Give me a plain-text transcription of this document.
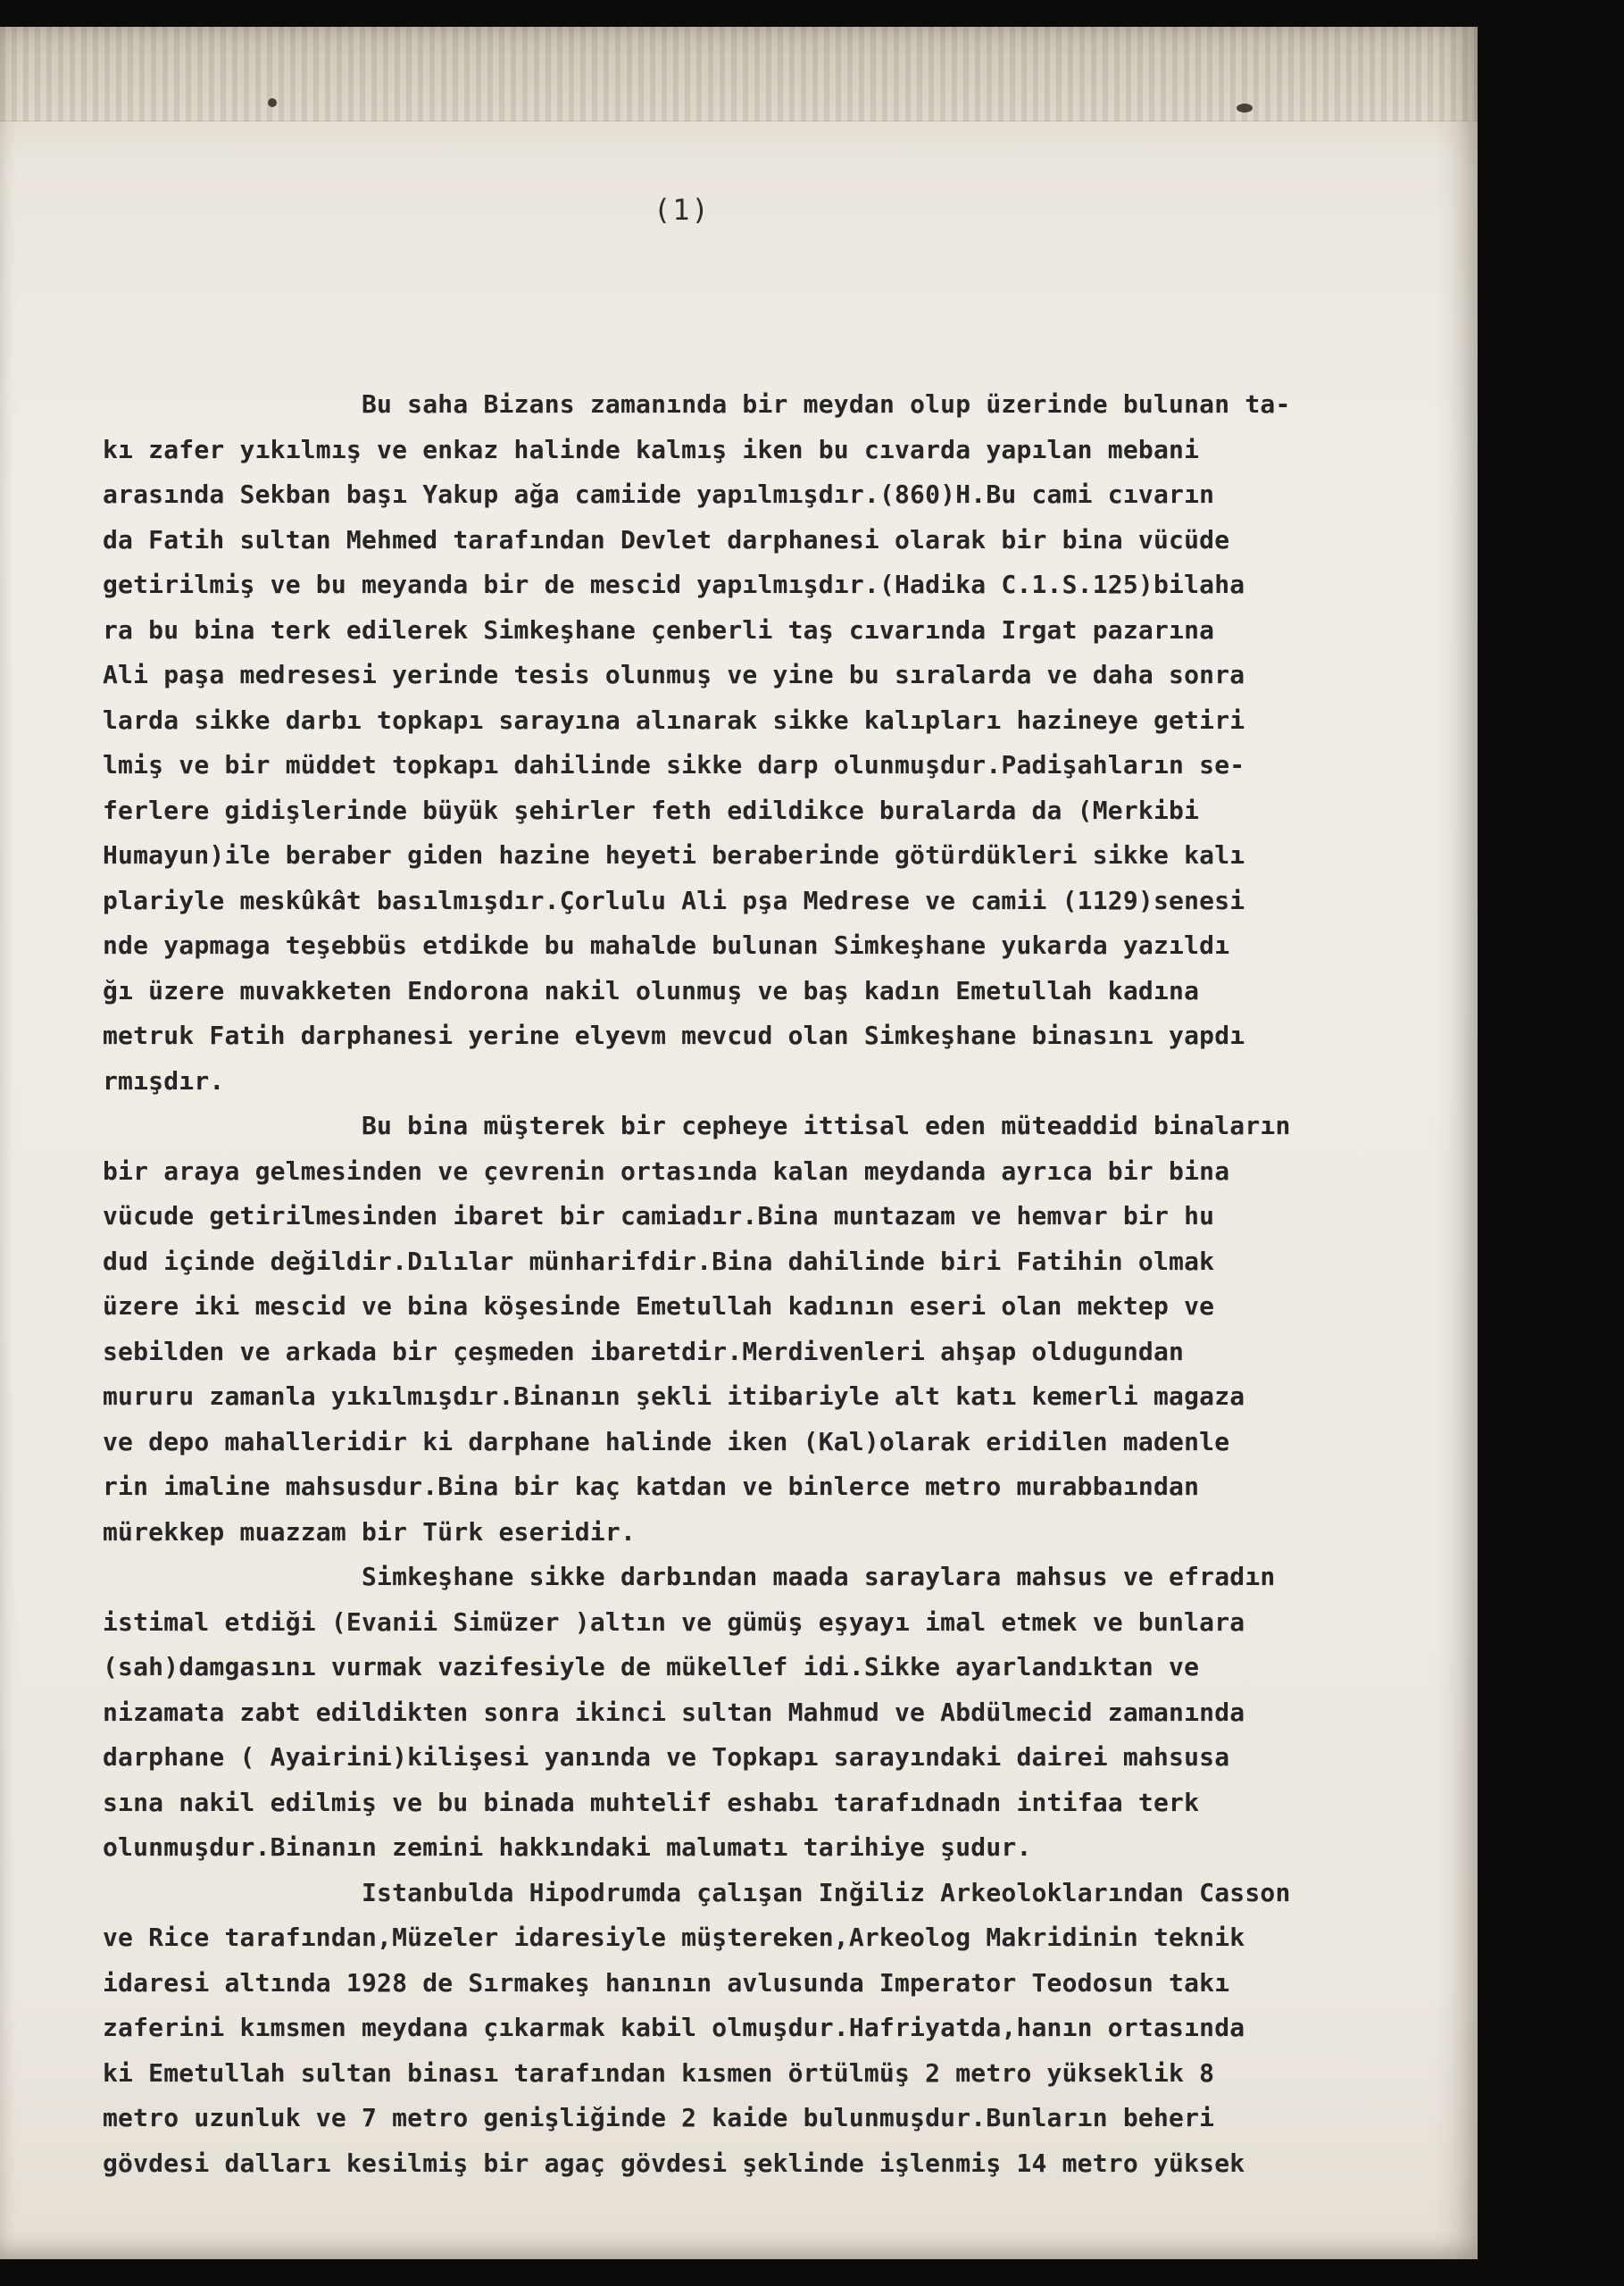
(1)

Bu saha Bizans zamanında bir meydan olup üzerinde bulunan ta-
kı zafer yıkılmış ve enkaz halinde kalmış iken bu cıvarda yapılan mebani
arasında Sekban başı Yakup ağa camiide yapılmışdır.(860)H.Bu cami cıvarın
da Fatih sultan Mehmed tarafından Devlet darphanesi olarak bir bina vücüde
getirilmiş ve bu meyanda bir de mescid yapılmışdır.(Hadika C.1.S.125)bilaha
ra bu bina terk edilerek Simkeşhane çenberli taş cıvarında Irgat pazarına
Ali paşa medresesi yerinde tesis olunmuş ve yine bu sıralarda ve daha sonra
larda sikke darbı topkapı sarayına alınarak sikke kalıpları hazineye getiri
lmiş ve bir müddet topkapı dahilinde sikke darp olunmuşdur.Padişahların se-
ferlere gidişlerinde büyük şehirler feth edildikce buralarda da (Merkibi
Humayun)ile beraber giden hazine heyeti beraberinde götürdükleri sikke kalı
plariyle meskûkât basılmışdır.Çorlulu Ali pşa Medrese ve camii (1129)senesi
nde yapmaga teşebbüs etdikde bu mahalde bulunan Simkeşhane yukarda yazıldı
ğı üzere muvakketen Endorona nakil olunmuş ve baş kadın Emetullah kadına
metruk Fatih darphanesi yerine elyevm mevcud olan Simkeşhane binasını yapdı
rmışdır.

Bu bina müşterek bir cepheye ittisal eden müteaddid binaların
bir araya gelmesinden ve çevrenin ortasında kalan meydanda ayrıca bir bina
vücude getirilmesinden ibaret bir camiadır.Bina muntazam ve hemvar bir hu
dud içinde değildir.Dılılar münharifdir.Bina dahilinde biri Fatihin olmak
üzere iki mescid ve bina köşesinde Emetullah kadının eseri olan mektep ve
sebilden ve arkada bir çeşmeden ibaretdir.Merdivenleri ahşap oldugundan
mururu zamanla yıkılmışdır.Binanın şekli itibariyle alt katı kemerli magaza
ve depo mahalleridir ki darphane halinde iken (Kal)olarak eridilen madenle
rin imaline mahsusdur.Bina bir kaç katdan ve binlerce metro murabbaından
mürekkep muazzam bir Türk eseridir.

Simkeşhane sikke darbından maada saraylara mahsus ve efradın
istimal etdiği (Evanii Simüzer )altın ve gümüş eşyayı imal etmek ve bunlara
(sah)damgasını vurmak vazifesiyle de mükellef idi.Sikke ayarlandıktan ve
nizamata zabt edildikten sonra ikinci sultan Mahmud ve Abdülmecid zamanında
darphane ( Ayairini)kilişesi yanında ve Topkapı sarayındaki dairei mahsusa
sına nakil edilmiş ve bu binada muhtelif eshabı tarafıdnadn intifaa terk
olunmuşdur.Binanın zemini hakkındaki malumatı tarihiye şudur.

Istanbulda Hipodrumda çalışan Inğiliz Arkeoloklarından Casson
ve Rice tarafından,Müzeler idaresiyle müştereken,Arkeolog Makridinin teknik
idaresi altında 1928 de Sırmakeş hanının avlusunda Imperator Teodosun takı
zaferini kımsmen meydana çıkarmak kabil olmuşdur.Hafriyatda,hanın ortasında
ki Emetullah sultan binası tarafından kısmen örtülmüş 2 metro yükseklik 8
metro uzunluk ve 7 metro genişliğinde 2 kaide bulunmuşdur.Bunların beheri
gövdesi dalları kesilmiş bir agaç gövdesi şeklinde işlenmiş 14 metro yüksek
